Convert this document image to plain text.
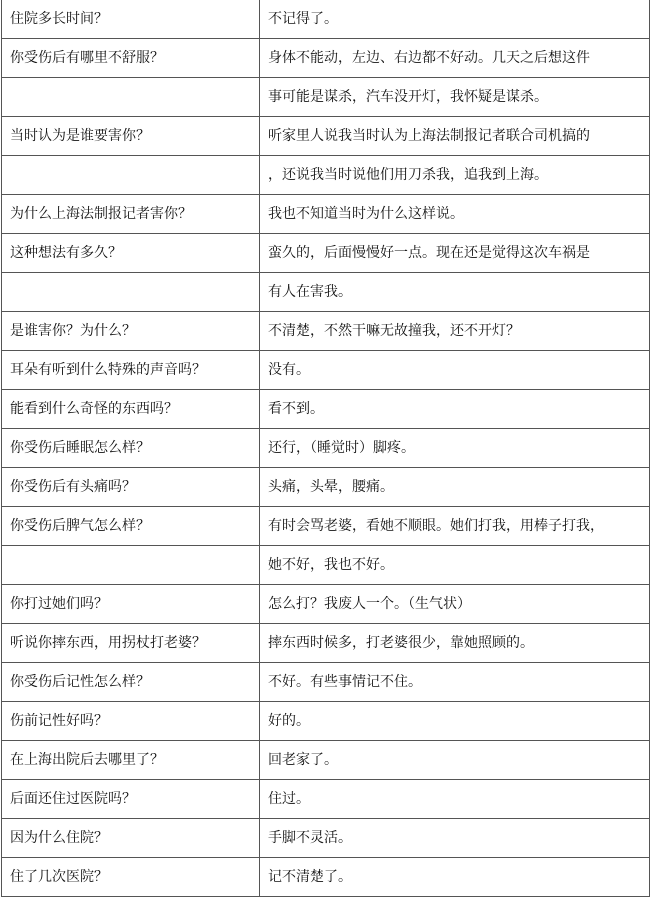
住院多长时间？	不记得了。
你受伤后有哪里不舒服？	身体不能动，左边、右边都不好动。几天之后想这件
	事可能是谋杀，汽车没开灯，我怀疑是谋杀。
当时认为是谁要害你？	听家里人说我当时认为上海法制报记者联合司机搞的
	，还说我当时说他们用刀杀我，追我到上海。
为什么上海法制报记者害你？	我也不知道当时为什么这样说。
这种想法有多久？	蛮久的，后面慢慢好一点。现在还是觉得这次车祸是
	有人在害我。
是谁害你？为什么？	不清楚，不然干嘛无故撞我，还不开灯？
耳朵有听到什么特殊的声音吗？	没有。
能看到什么奇怪的东西吗？	看不到。
你受伤后睡眠怎么样？	还行，（睡觉时）脚疼。
你受伤后有头痛吗？	头痛，头晕，腰痛。
你受伤后脾气怎么样？	有时会骂老婆，看她不顺眼。她们打我，用棒子打我，
	她不好，我也不好。
你打过她们吗？	怎么打？我废人一个。（生气状）
听说你摔东西，用拐杖打老婆？	摔东西时候多，打老婆很少，靠她照顾的。
你受伤后记性怎么样？	不好。有些事情记不住。
伤前记性好吗？	好的。
在上海出院后去哪里了？	回老家了。
后面还住过医院吗？	住过。
因为什么住院？	手脚不灵活。
住了几次医院？	记不清楚了。
